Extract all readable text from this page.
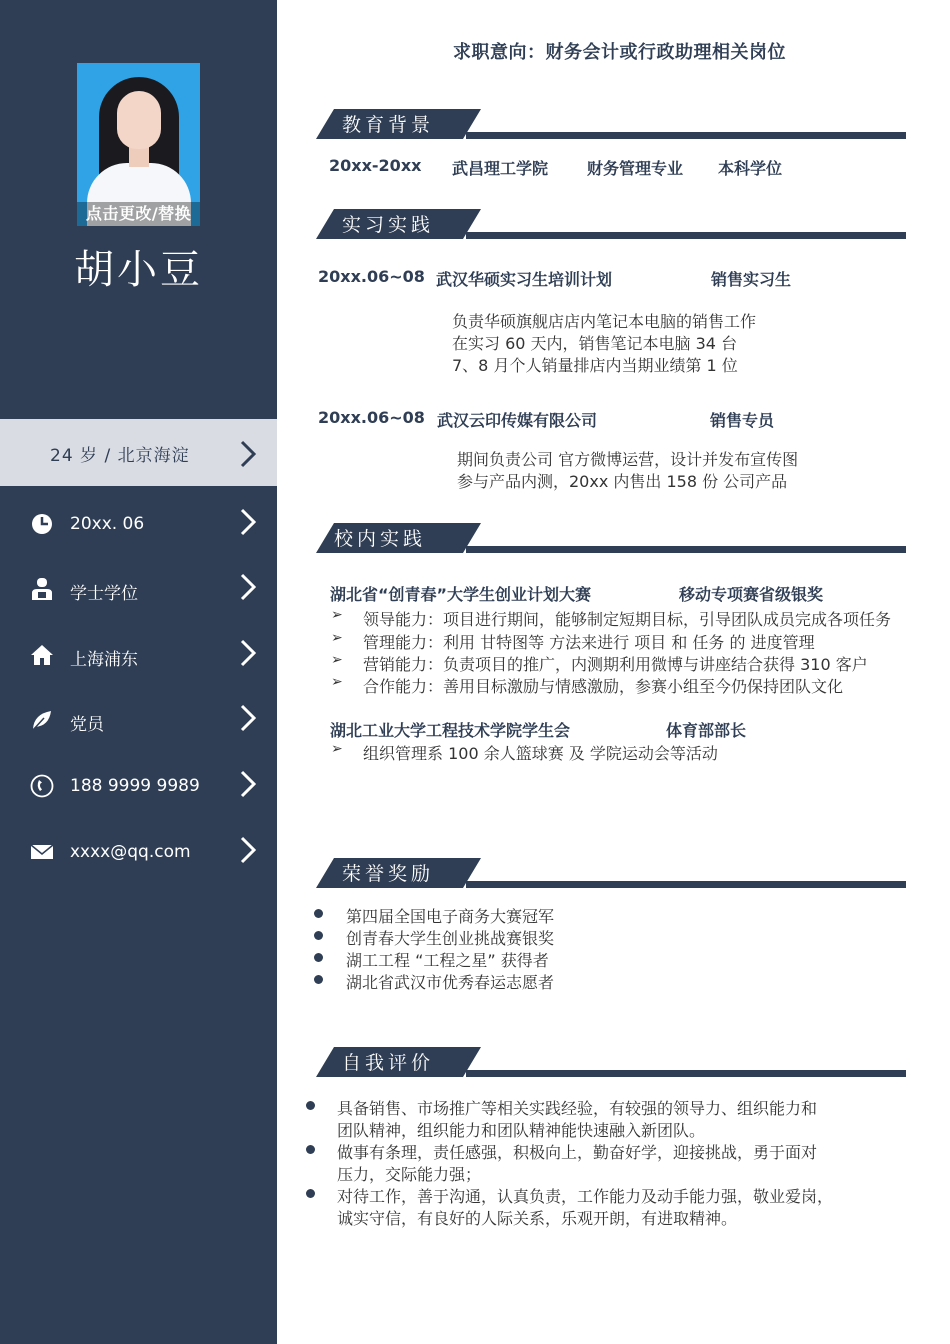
点击更改/替换
胡小豆
24 岁 / 北京海淀
20xx. 06
学士学位
上海浦东
党员
188 9999 9989
xxxx@qq.com
求职意向：财务会计或行政助理相关岗位
教育背景
20xx-20xx 武昌理工学院 财务管理专业 本科学位
实习实践
20xx.06~08 武汉华硕实习生培训计划	销售实习生
负责华硕旗舰店店内笔记本电脑的销售工作
在实习 60 天内，销售笔记本电脑 34 台
7、8 月个人销量排店内当期业绩第 1 位
20xx.06~08 武汉云印传媒有限公司	销售专员
期间负责公司 官方微博运营，设计并发布宣传图
参与产品内测，20xx 内售出 158 份 公司产品
校内实践
湖北省“创青春”大学生创业计划大赛	移动专项赛省级银奖
➢ 领导能力：项目进行期间，能够制定短期目标，引导团队成员完成各项任务
➢ 管理能力：利用 甘特图等 方法来进行 项目 和 任务 的 进度管理
➢ 营销能力：负责项目的推广，内测期利用微博与讲座结合获得 310 客户
➢ 合作能力：善用目标激励与情感激励，参赛小组至今仍保持团队文化
湖北工业大学工程技术学院学生会	体育部部长
➢ 组织管理系 100 余人篮球赛 及 学院运动会等活动
荣誉奖励
第四届全国电子商务大赛冠军
创青春大学生创业挑战赛银奖
湖工工程 “工程之星” 获得者
湖北省武汉市优秀春运志愿者
自我评价
具备销售、市场推广等相关实践经验，有较强的领导力、组织能力和
团队精神，组织能力和团队精神能快速融入新团队。
做事有条理，责任感强，积极向上，勤奋好学，迎接挑战，勇于面对
压力，交际能力强；
对待工作，善于沟通，认真负责，工作能力及动手能力强，敬业爱岗，
诚实守信，有良好的人际关系，乐观开朗，有进取精神。
